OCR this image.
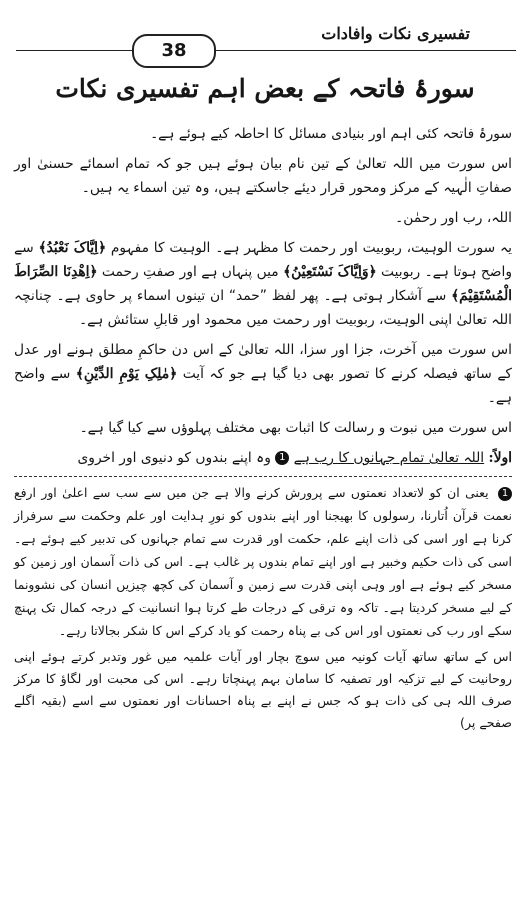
تفسیری نکات وافادات
38
سورۂ فاتحہ کے بعض اہم تفسیری نکات

سورۂ فاتحہ کئی اہم اور بنیادی مسائل کا احاطہ کیے ہوئے ہے۔

اس سورت میں اللہ تعالیٰ کے تین نام بیان ہوئے ہیں جو کہ تمام اسمائے حسنیٰ اور صفاتِ الٰہیہ کے مرکز ومحور قرار دیئے جاسکتے ہیں، وہ تین اسماء یہ ہیں۔

اللہ، رب اور رحمٰن۔

یہ سورت الوہیت، ربوبیت اور رحمت کا مظہر ہے۔ الوہیت کا مفہوم ﴿اِیَّاکَ نَعْبُدُ﴾ سے واضح ہوتا ہے۔ ربوبیت ﴿وَاِیَّاکَ نَسْتَعِیْنُ﴾ میں پنہاں ہے اور صفتِ رحمت ﴿اِھْدِنَا الصِّرَاطَ الْمُسْتَقِیْمَ﴾ سے آشکار ہوتی ہے۔ پھر لفظ ”حمد“ ان تینوں اسماء پر حاوی ہے۔ چنانچہ اللہ تعالیٰ اپنی الوہیت، ربوبیت اور رحمت میں محمود اور قابلِ ستائش ہے۔

اس سورت میں آخرت، جزا اور سزا، اللہ تعالیٰ کے اس دن حاکمِ مطلق ہونے اور عدل کے ساتھ فیصلہ کرنے کا تصور بھی دیا گیا ہے جو کہ آیت ﴿مٰلِکِ یَوْمِ الدِّیْنِ﴾ سے واضح ہے۔

اس سورت میں نبوت و رسالت کا اثبات بھی مختلف پہلوؤں سے کیا گیا ہے۔

اولاً: اللہ تعالیٰ تمام جہانوں کا رب ہے 1 وہ اپنے بندوں کو دنیوی اور اخروی

1 یعنی ان کو لاتعداد نعمتوں سے پرورش کرنے والا ہے جن میں سے سب سے اعلیٰ اور ارفع نعمت قرآن اُتارنا، رسولوں کا بھیجنا اور اپنے بندوں کو نورِ ہدایت اور علم وحکمت سے سرفراز کرنا ہے اور اسی کی ذات اپنے علم، حکمت اور قدرت سے تمام جہانوں کی تدبیر کیے ہوئے ہے۔ اسی کی ذات حکیم وخبیر ہے اور اپنے تمام بندوں پر غالب ہے۔ اس کی ذات آسمان اور زمین کو مسخر کیے ہوئے ہے اور وہی اپنی قدرت سے زمین و آسمان کی کچھ چیزیں انسان کی نشوونما کے لیے مسخر کردیتا ہے۔ تاکہ وہ ترقی کے درجات طے کرتا ہوا انسانیت کے درجہ کمال تک پہنچ سکے اور رب کی نعمتوں اور اس کی بے پناہ رحمت کو یاد کرکے اس کا شکر بجالاتا رہے۔

اس کے ساتھ ساتھ آیات کونیہ میں سوچ بچار اور آیات علمیہ میں غور وتدبر کرتے ہوئے اپنی روحانیت کے لیے تزکیہ اور تصفیہ کا سامان بہم پہنچاتا رہے۔ اس کی محبت اور لگاؤ کا مرکز صرف اللہ ہی کی ذات ہو کہ جس نے اپنے بے پناہ احسانات اور نعمتوں سے اسے (بقیہ اگلے صفحے پر)
